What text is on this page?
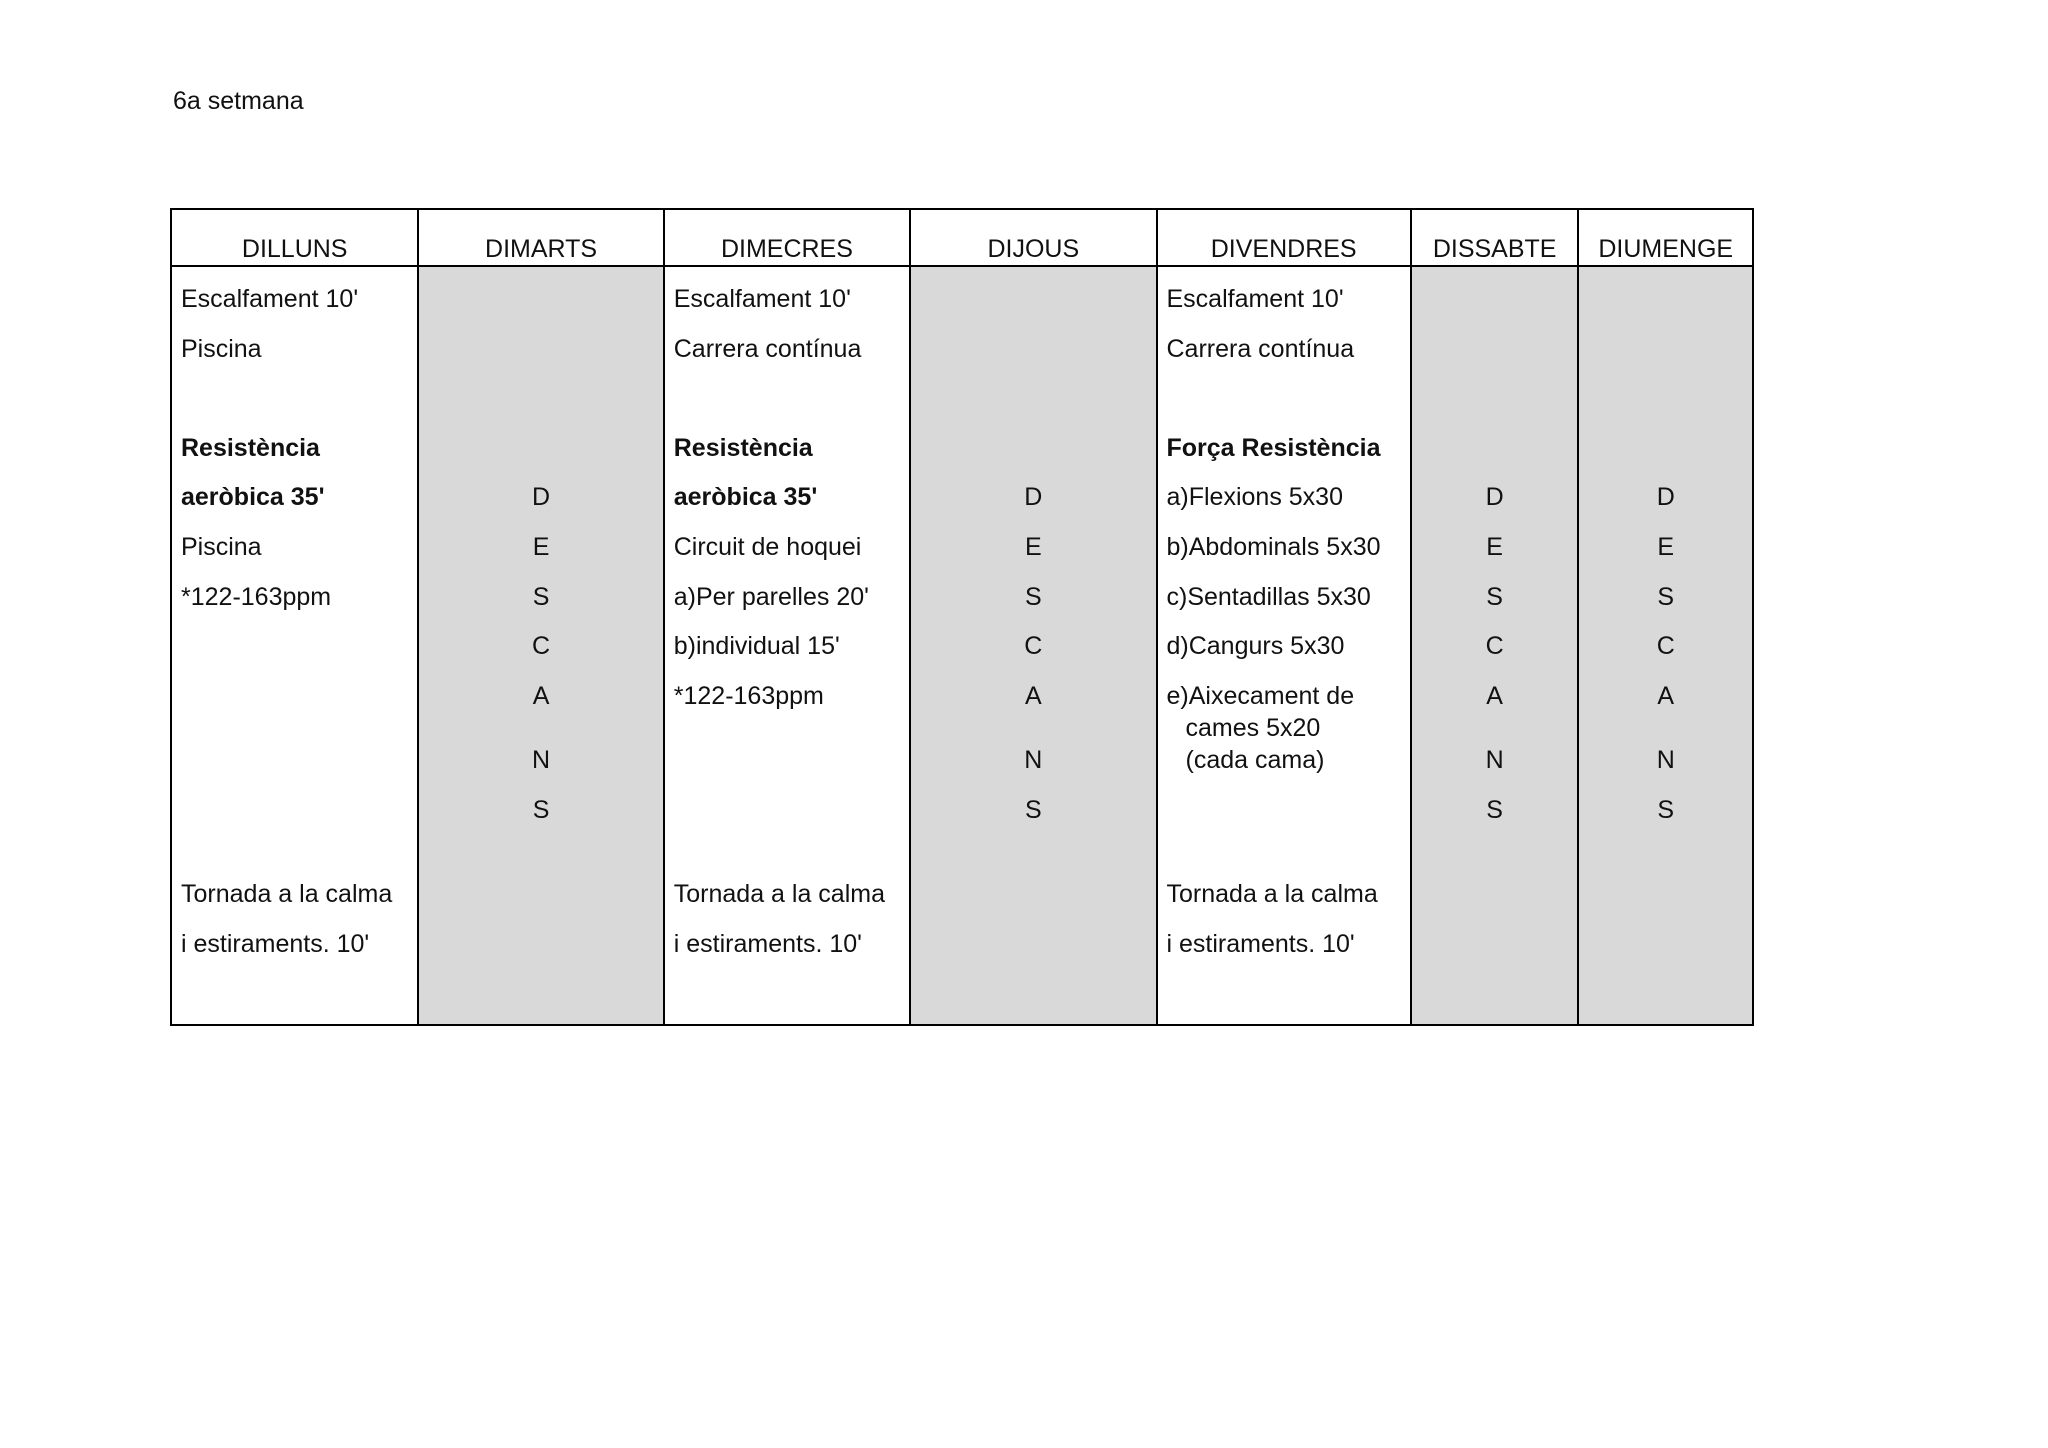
6a setmana
DILLUNS
Escalfament 10'
Piscina
Resistència
aeròbica 35'
Piscina
*122-163ppm
Tornada a la calma
i estiraments. 10'
DIMARTS
D
E
S
C
A
N
S
DIMECRES
Escalfament 10'
Carrera contínua
Resistència
aeròbica 35'
Circuit de hoquei
a)Per parelles 20'
b)individual 15'
*122-163ppm
Tornada a la calma
i estiraments. 10'
DIJOUS
D
E
S
C
A
N
S
DIVENDRES
Escalfament 10'
Carrera contínua
Força Resistència
a)Flexions 5x30
b)Abdominals 5x30
c)Sentadillas 5x30
d)Cangurs 5x30
e)Aixecament de
cames 5x20
(cada cama)
Tornada a la calma
i estiraments. 10'
DISSABTE
D
E
S
C
A
N
S
DIUMENGE
D
E
S
C
A
N
S
